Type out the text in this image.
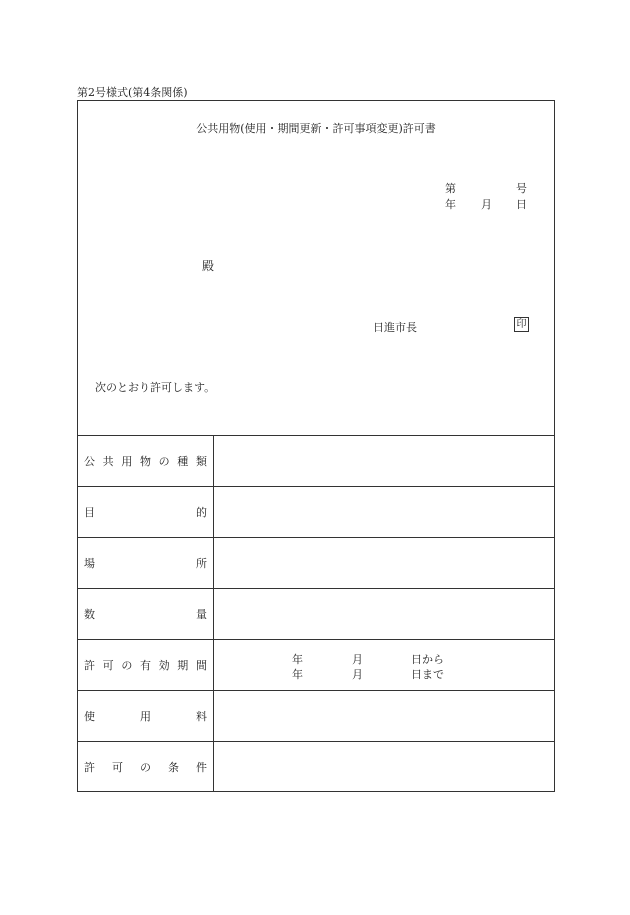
第2号様式(第4条関係)
公共用物(使用・期間更新・許可事項変更)許可書
第	号
年 月 日
殿
日進市長	印
次のとおり許可します。
公 共 用 物 の 種 類
目	的
場	所
数	量
許 可 の 有 効 期 間	年	月	日から
年	月	日まで
使	用	料
許 可 の 条 件
